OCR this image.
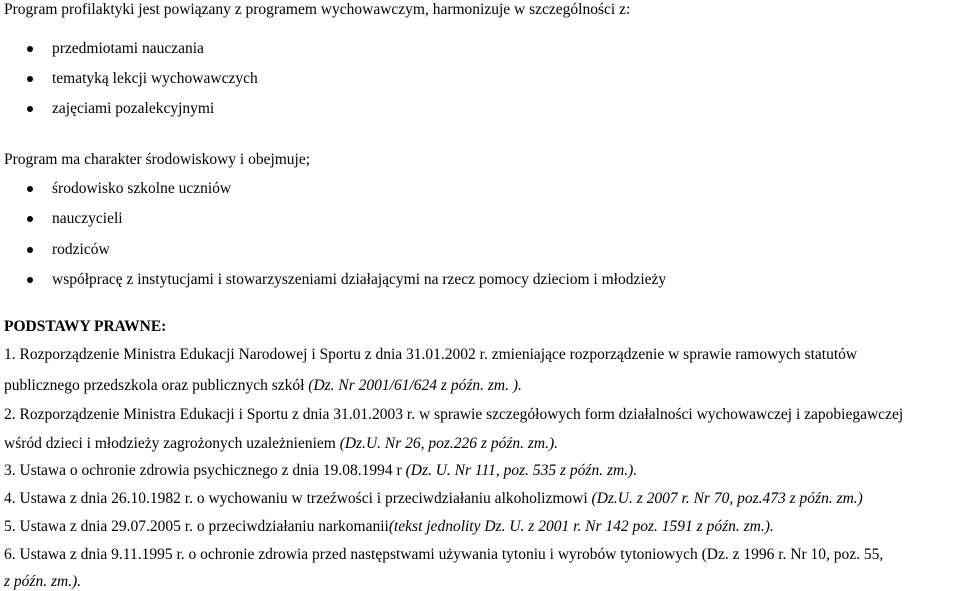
Program profilaktyki jest powiązany z programem wychowawczym, harmonizuje w szczególności z:
przedmiotami nauczania
tematyką lekcji wychowawczych
zajęciami pozalekcyjnymi
Program ma charakter środowiskowy i obejmuje;
środowisko szkolne uczniów
nauczycieli
rodziców
współpracę z instytucjami i stowarzyszeniami działającymi na rzecz pomocy dzieciom i młodzieży
PODSTAWY PRAWNE:
1. Rozporządzenie Ministra Edukacji Narodowej i Sportu z dnia 31.01.2002 r. zmieniające rozporządzenie w sprawie ramowych statutów
publicznego przedszkola oraz publicznych szkół (Dz. Nr 2001/61/624 z późn. zm. ).
2. Rozporządzenie Ministra Edukacji i Sportu z dnia 31.01.2003 r. w sprawie szczegółowych form działalności wychowawczej i zapobiegawczej
wśród dzieci i młodzieży zagrożonych uzależnieniem (Dz.U. Nr 26, poz.226 z późn. zm.).
3. Ustawa o ochronie zdrowia psychicznego z dnia 19.08.1994 r (Dz. U. Nr 111, poz. 535 z późn. zm.).
4. Ustawa z dnia 26.10.1982 r. o wychowaniu w trzeźwości i przeciwdziałaniu alkoholizmowi (Dz.U. z 2007 r. Nr 70, poz.473 z późn. zm.)
5. Ustawa z dnia 29.07.2005 r. o przeciwdziałaniu narkomanii(tekst jednolity Dz. U. z 2001 r. Nr 142 poz. 1591 z późn. zm.).
6. Ustawa z dnia 9.11.1995 r. o ochronie zdrowia przed następstwami używania tytoniu i wyrobów tytoniowych (Dz. z 1996 r. Nr 10, poz. 55,
z późn. zm.).
